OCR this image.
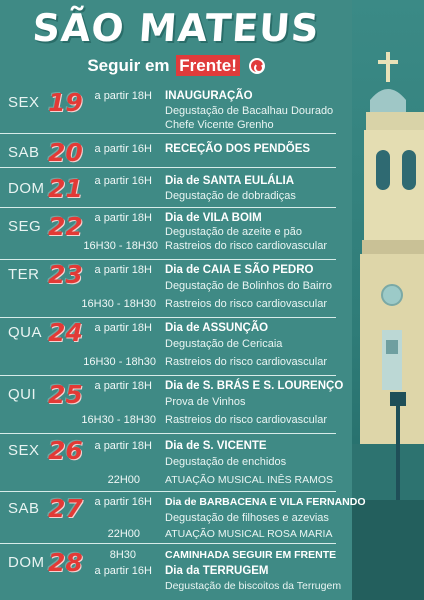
SÃO MATEUS
Seguir em Frente!
SEX 19	a partir 18H INAUGURAÇÃO
Degustação de Bacalhau Dourado
Chefe Vicente Grenho
SAB 20	a partir 16H RECEÇÃO DOS PENDÕES
DOM 21	a partir 16H Dia de SANTA EULÁLIA
Degustação de dobradiças
SEG 22	a partir 18H Dia de VILA BOIM
Degustação de azeite e pão
16H30 - 18H30 Rastreios do risco cardiovascular
TER 23	a partir 18H Dia de CAIA E SÃO PEDRO
Degustação de Bolinhos do Bairro
16H30 - 18H30 Rastreios do risco cardiovascular
QUA 24	a partir 18H Dia de ASSUNÇÃO
Degustação de Cericaia
16H30 - 18h30 Rastreios do risco cardiovascular
QUI 25	a partir 18H Dia de S. BRÁS E S. LOURENÇO
Prova de Vinhos
16H30 - 18H30 Rastreios do risco cardiovascular
SEX 26	a partir 18H Dia de S. VICENTE
Degustação de enchidos
22H00 ATUAÇÃO MUSICAL INÊS RAMOS
SAB 27	a partir 16H Dia de BARBACENA E VILA FERNANDO
Degustação de filhoses e azevias
22H00 ATUAÇÃO MUSICAL ROSA MARIA
DOM 28	8H30	CAMINHADA SEGUIR EM FRENTE
a partir 16H Dia da TERRUGEM
Degustação de biscoitos da Terrugem
